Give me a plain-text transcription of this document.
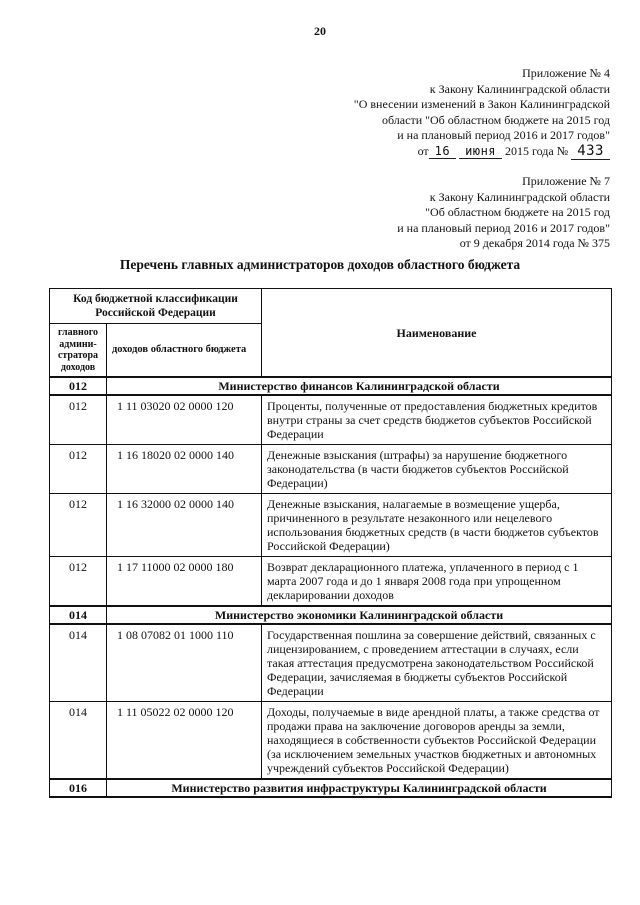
20
Приложение № 4
к Закону Калининградской области
"О внесении изменений в Закон Калининградской
области "Об областном бюджете на 2015 год
и на плановый период 2016 и 2017 годов"
от 16 июня 2015 года № 433
Приложение № 7
к Закону Калининградской области
"Об областном бюджете на 2015 год
и на плановый период 2016 и 2017 годов"
от 9 декабря 2014 года № 375
Перечень главных администраторов доходов областного бюджета
Код бюджетной классификации Российской Федерации		Наименование
главного админи-стратора доходов	доходов областного бюджета	
012	Министерство финансов Калининградской области	
012	1 11 03020 02 0000 120	Проценты, полученные от предоставления бюджетных кредитов внутри страны за счет средств бюджетов субъектов Российской Федерации
012	1 16 18020 02 0000 140	Денежные взыскания (штрафы) за нарушение бюджетного законодательства (в части бюджетов субъектов Российской Федерации)
012	1 16 32000 02 0000 140	Денежные взыскания, налагаемые в возмещение ущерба, причиненного в результате незаконного или нецелевого использования бюджетных средств (в части бюджетов субъектов Российской Федерации)
012	1 17 11000 02 0000 180	Возврат декларационного платежа, уплаченного в период с 1 марта 2007 года и до 1 января 2008 года при упрощенном декларировании доходов
014	Министерство экономики Калининградской области	
014	1 08 07082 01 1000 110	Государственная пошлина за совершение действий, связанных с лицензированием, с проведением аттестации в случаях, если такая аттестация предусмотрена законодательством Российской Федерации, зачисляемая в бюджеты субъектов Российской Федерации
014	1 11 05022 02 0000 120	Доходы, получаемые в виде арендной платы, а также средства от продажи права на заключение договоров аренды за земли, находящиеся в собственности субъектов Российской Федерации (за исключением земельных участков бюджетных и автономных учреждений субъектов Российской Федерации)
016	Министерство развития инфраструктуры Калининградской области	
